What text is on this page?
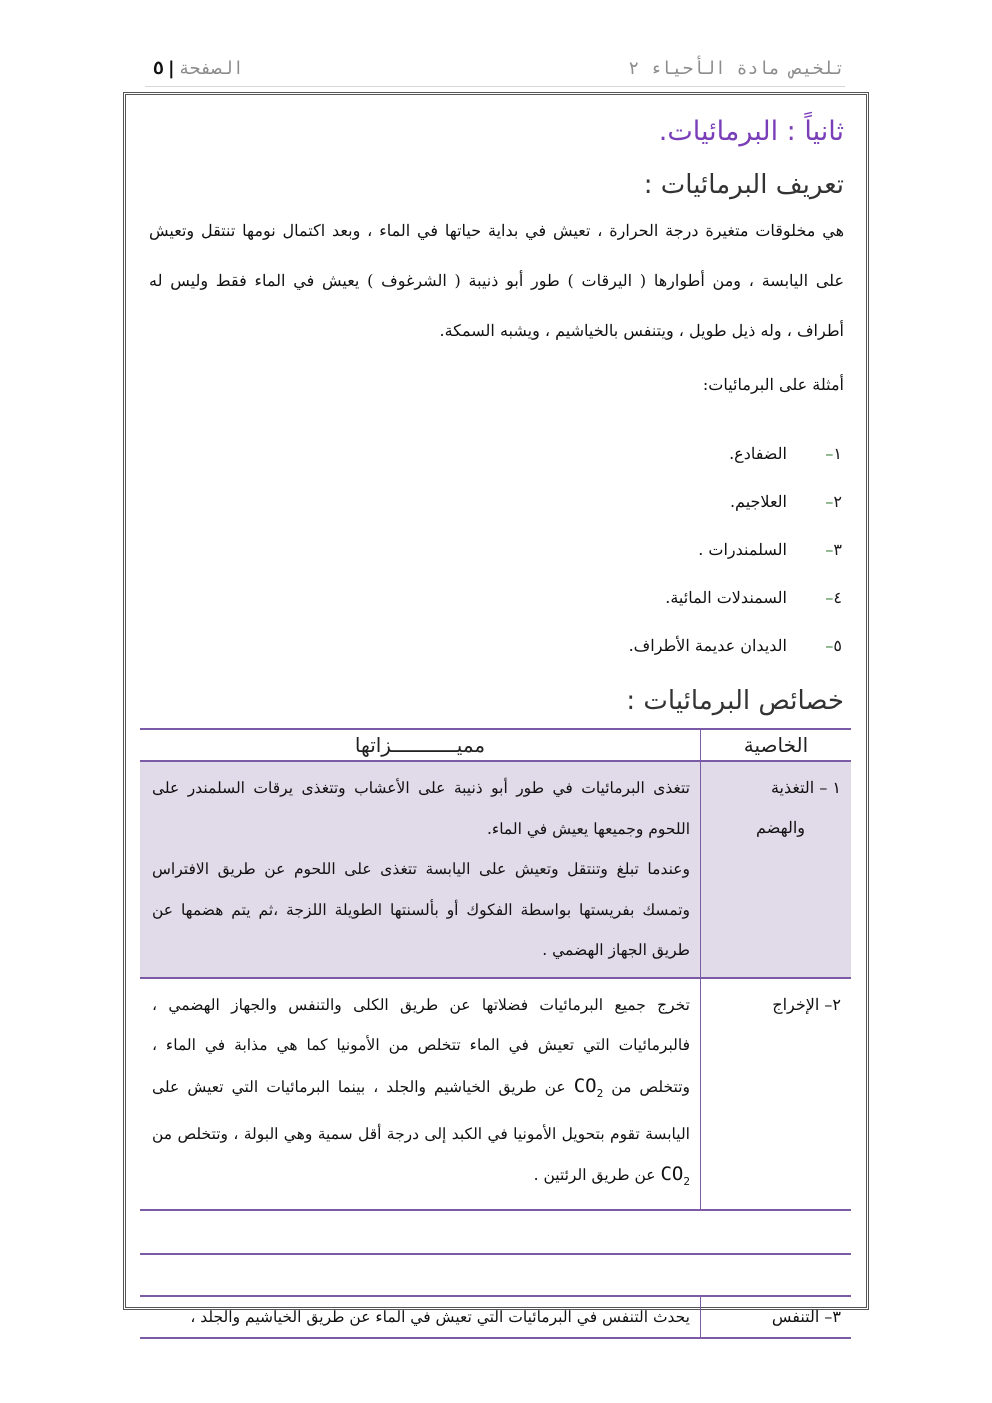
تلخيص مادة الأحياء ٢
الصفحة|٥
ثانياً : البرمائيات.
تعريف البرمائيات :
هي مخلوقات متغيرة درجة الحرارة ، تعيش في بداية حياتها في الماء ، وبعد اكتمال نومها تنتقل وتعيش على اليابسة ، ومن أطوارها ( اليرقات ) طور أبو ذنيبة ( الشرغوف ) يعيش في الماء فقط وليس له أطراف ، وله ذيل طويل ، ويتنفس بالخياشيم ، ويشبه السمكة.
أمثلة على البرمائيات:
١–
الضفادع.
٢–
العلاجيم.
٣–
السلمندرات .
٤–
السمندلات المائية.
٥–
الديدان عديمة الأطراف.
خصائص البرمائيات :
الخاصية
مميـــــــــــزاتها
١ – التغذية
والهضم

تتغذى البرمائيات في طور أبو ذنيبة على الأعشاب وتتغذى يرقات السلمندر على اللحوم وجميعها يعيش في الماء.

وعندما تبلغ وتنتقل وتعيش على اليابسة تتغذى على اللحوم عن طريق الافتراس وتمسك بفريستها بواسطة الفكوك أو بألسنتها الطويلة اللزجة ،ثم يتم هضمها عن طريق الجهاز الهضمي .

٢– الإخراج

تخرج جميع البرمائيات فضلاتها عن طريق الكلى والتنفس والجهاز الهضمي ، فالبرمائيات التي تعيش في الماء تتخلص من الأمونيا كما هي مذابة في الماء ، وتتخلص من $CO_2$ عن طريق الخياشيم والجلد ، بينما البرمائيات التي تعيش على اليابسة تقوم بتحويل الأمونيا في الكبد إلى درجة أقل سمية وهي البولة ، وتتخلص من $CO_2$ عن طريق الرئتين .

٣– التنفس

يحدث التنفس في البرمائيات التي تعيش في الماء عن طريق الخياشيم والجلد ،
